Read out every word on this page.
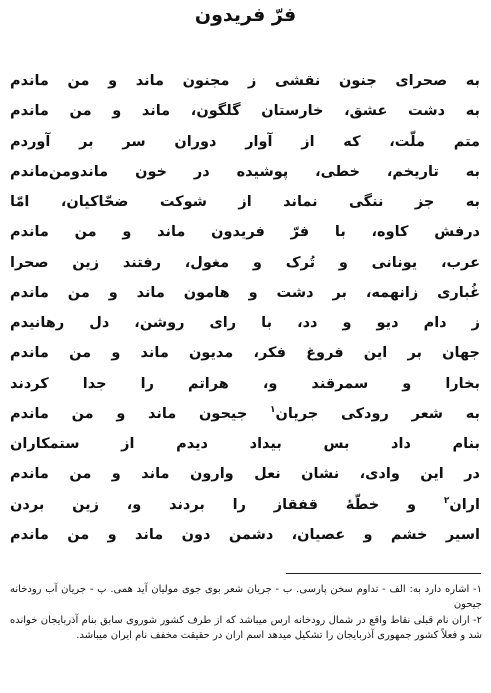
فرّ فریدون
به صحرای جنون نقشی ز مجنون ماند و من ماندم
به دشت عشق، خارستان گلگون، ماند و من ماندم
متم ملّت، که از آوار دوران سر بر آوردم
به تاریخم، خطی، پوشیده در خون ماندومن‌ماندم
به جز ننگی نماند از شوکت ضحّاکیان، امّا
درفش کاوه، با فرّ فریدون ماند و من ماندم
عرب، یونانی و تُرک و مغول، رفتند زین صحرا
غُباری زانهمه، بر دشت و هامون ماند و من ماندم
ز دام دیو و دد، با رای روشن، دل رهانیدم
جهان بر این فروغ فکر، مدیون ماند و من ماندم
بخارا و سمرقند و، هراتم را جدا کردند
به شعر رودکی جریان$^۱$ جیحون ماند و من ماندم
بنام داد بس بیداد دیدم از ستمکاران
در این وادی، نشان نعل وارون ماند و من ماندم
اران$^۲$ و خطّهٔ قفقاز را بردند و، زین بردن
اسیر خشم و عصیان، دشمن دون ماند و من ماندم
۱- اشاره دارد به: الف - تداوم سخن پارسی. ب - جریان شعر بوی جوی مولیان آید همی. پ - جریان آب رودخانه جیحون
۲- اران نام قبلی نقاط واقع در شمال رودخانه ارس میباشد که از طرف کشور شوروی سابق بنام آذربایجان خوانده شد و فعلاً کشور جمهوری آذربایجان را تشکیل میدهد اسم اران در حقیقت مخفف نام ایران میباشد.
